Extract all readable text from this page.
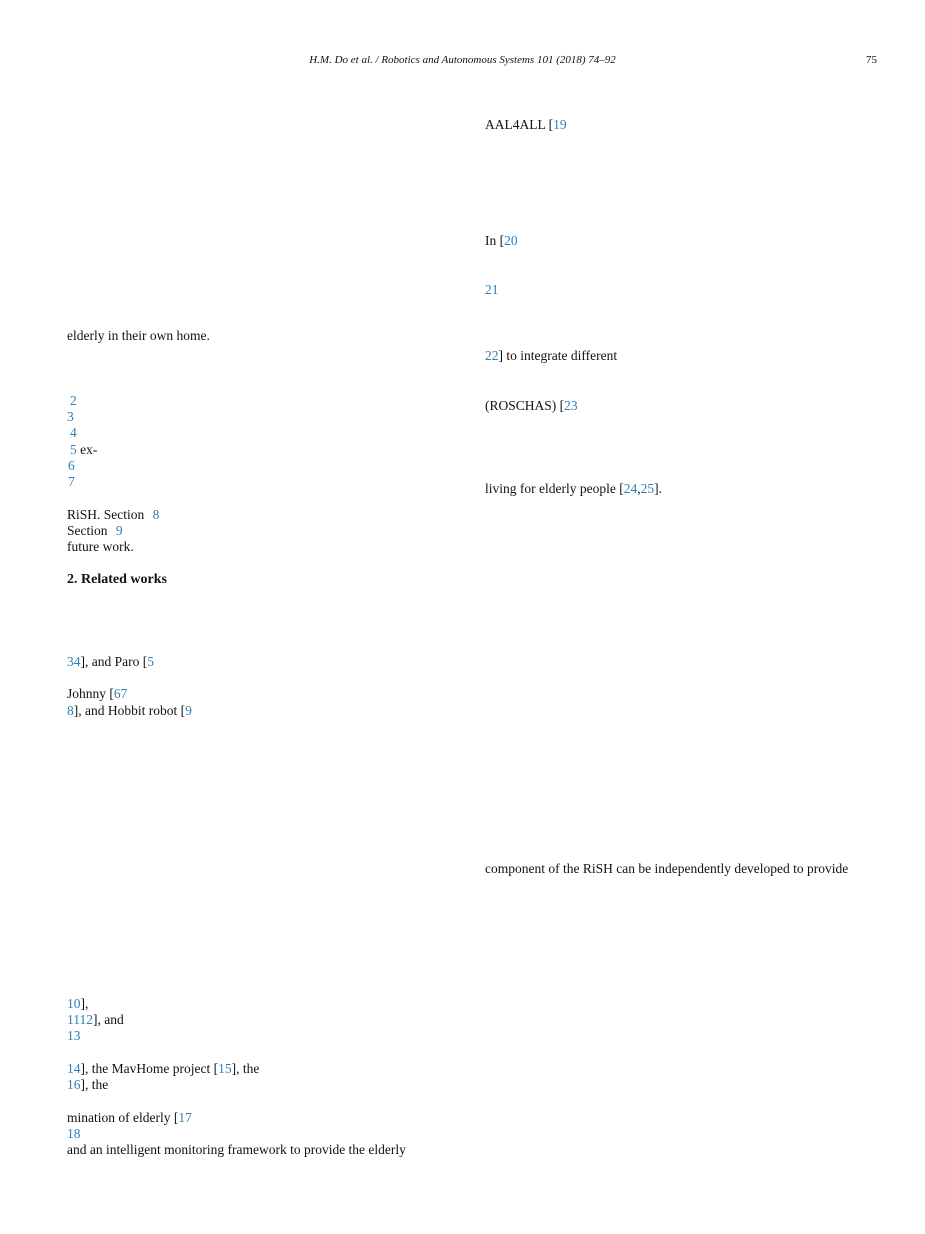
H.M. Do et al. / Robotics and Autonomous Systems 101 (2018) 74–92	75
elderly in their own home.
2
3
4
5 ex-
6
7
RiSH. Section 8
Section 9
future work.
2. Related works
34], and Paro [5
Johnny [67
8], and Hobbit robot [9
10],
1112], and
13
14], the MavHome project [15], the
16], the
mination of elderly [17
18
and an intelligent monitoring framework to provide the elderly
AAL4ALL [19
In [20
21
22] to integrate different
(ROSCHAS) [23
living for elderly people [24,25].
component of the RiSH can be independently developed to provide
